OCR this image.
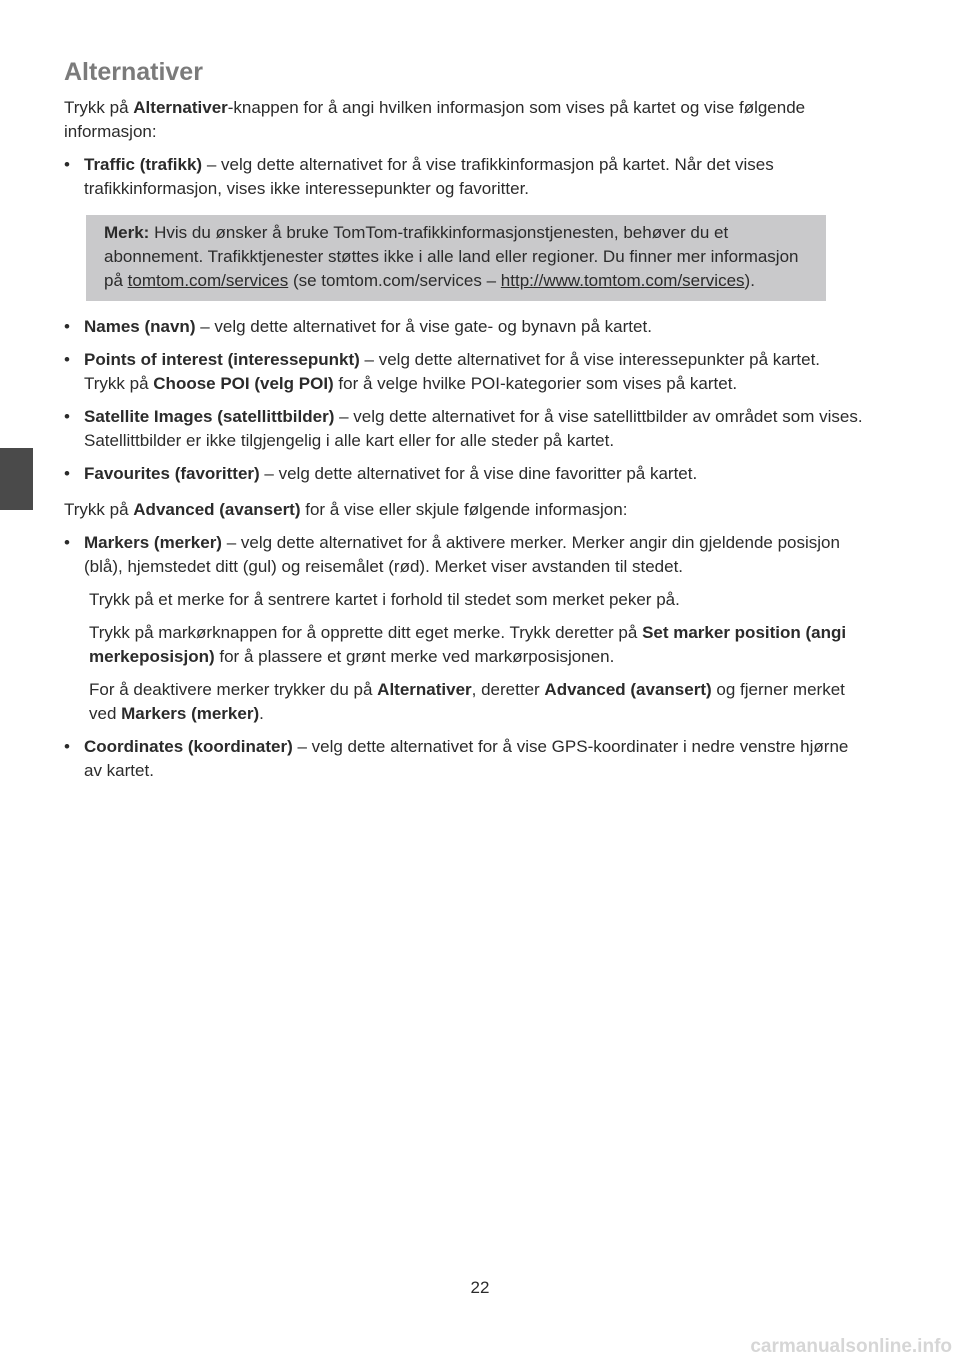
Alternativer

Trykk på Alternativer-knappen for å angi hvilken informasjon som vises på kartet og vise følgende informasjon:

• Traffic (trafikk) – velg dette alternativet for å vise trafikkinformasjon på kartet. Når det vises trafikkinformasjon, vises ikke interessepunkter og favoritter.
Merk: Hvis du ønsker å bruke TomTom-trafikkinformasjonstjenesten, behøver du et abonnement. Trafikktjenester støttes ikke i alle land eller regioner. Du finner mer informasjon på tomtom.com/services (se tomtom.com/services – http://www.tomtom.com/services).
• Names (navn) – velg dette alternativet for å vise gate- og bynavn på kartet.
• Points of interest (interessepunkt) – velg dette alternativet for å vise interessepunkter på kartet. Trykk på Choose POI (velg POI) for å velge hvilke POI-kategorier som vises på kartet.
• Satellite Images (satellittbilder) – velg dette alternativet for å vise satellittbilder av området som vises. Satellittbilder er ikke tilgjengelig i alle kart eller for alle steder på kartet.
• Favourites (favoritter) – velg dette alternativet for å vise dine favoritter på kartet.

Trykk på Advanced (avansert) for å vise eller skjule følgende informasjon:

• Markers (merker) – velg dette alternativet for å aktivere merker. Merker angir din gjeldende posisjon (blå), hjemstedet ditt (gul) og reisemålet (rød). Merket viser avstanden til stedet.

Trykk på et merke for å sentrere kartet i forhold til stedet som merket peker på.

Trykk på markørknappen for å opprette ditt eget merke. Trykk deretter på Set marker position (angi merkeposisjon) for å plassere et grønt merke ved markørposisjonen.

For å deaktivere merker trykker du på Alternativer, deretter Advanced (avansert) og fjerner merket ved Markers (merker).

• Coordinates (koordinater) – velg dette alternativet for å vise GPS-koordinater i nedre venstre hjørne av kartet.
22
carmanualsonline.info
